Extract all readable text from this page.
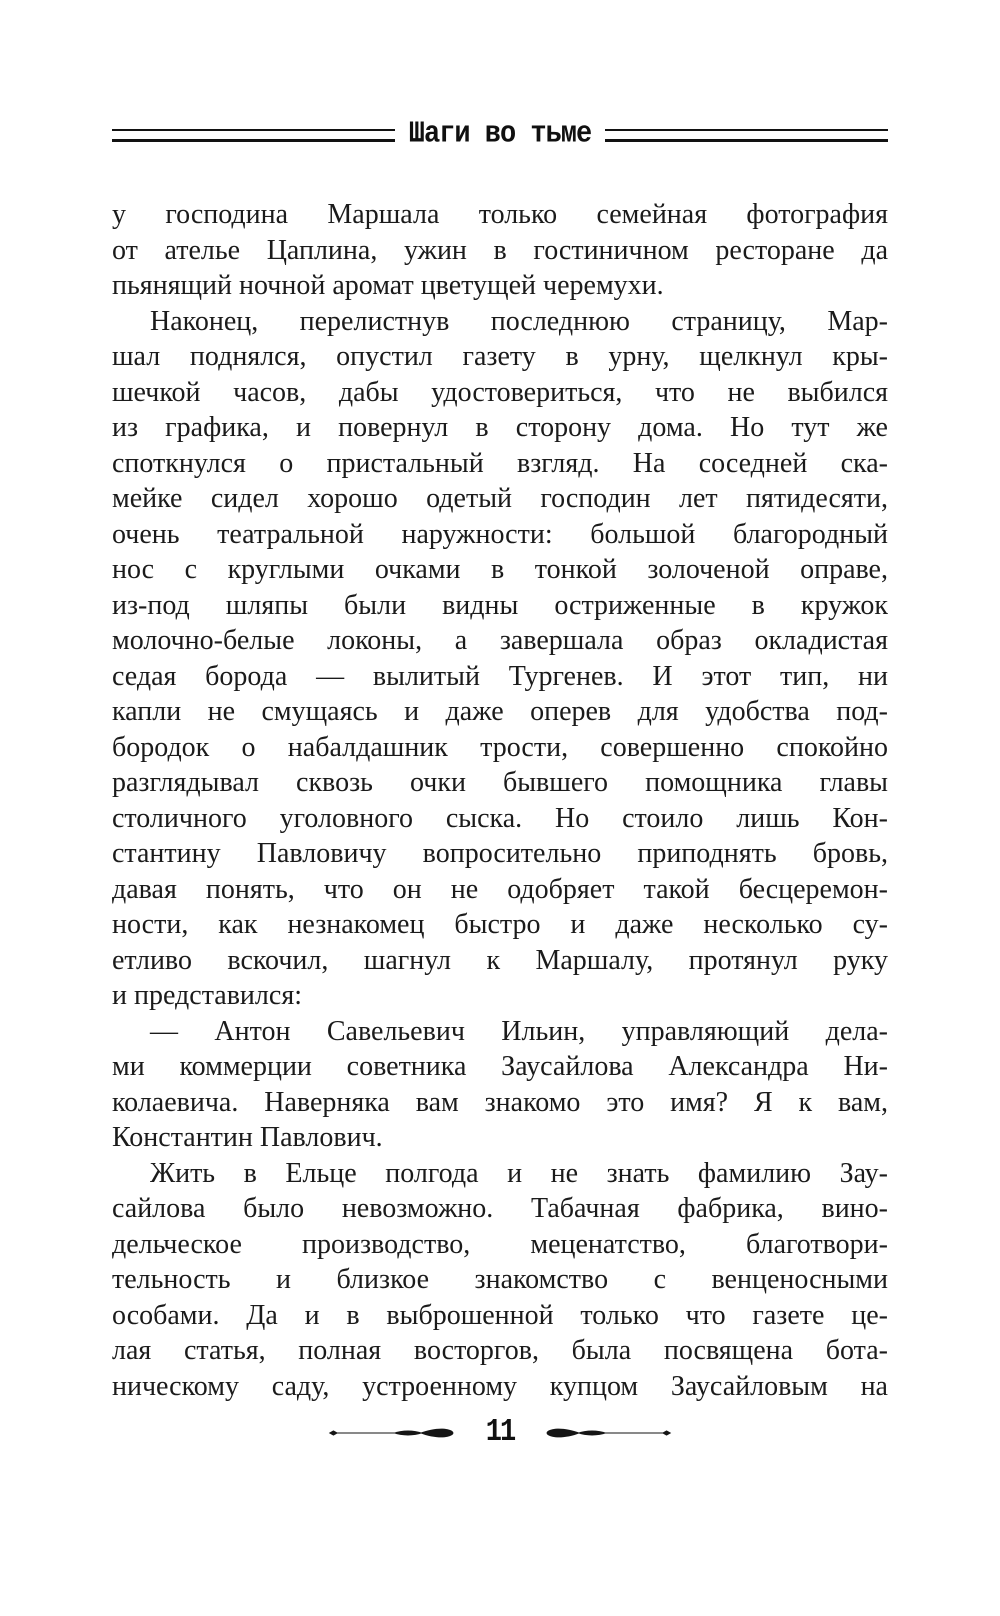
Шаги во тьме
у господина Маршала только семейная фотография
от ателье Цаплина, ужин в гостиничном ресторане да
пьянящий ночной аромат цветущей черемухи.
Наконец, перелистнув последнюю страницу, Мар-
шал поднялся, опустил газету в урну, щелкнул кры-
шечкой часов, дабы удостовериться, что не выбился
из графика, и повернул в сторону дома. Но тут же
споткнулся о пристальный взгляд. На соседней ска-
мейке сидел хорошо одетый господин лет пятидесяти,
очень театральной наружности: большой благородный
нос с круглыми очками в тонкой золоченой оправе,
из-под шляпы были видны остриженные в кружок
молочно-белые локоны, а завершала образ окладистая
седая борода — вылитый Тургенев. И этот тип, ни
капли не смущаясь и даже оперев для удобства под-
бородок о набалдашник трости, совершенно спокойно
разглядывал сквозь очки бывшего помощника главы
столичного уголовного сыска. Но стоило лишь Кон-
стантину Павловичу вопросительно приподнять бровь,
давая понять, что он не одобряет такой бесцеремон-
ности, как незнакомец быстро и даже несколько су-
етливо вскочил, шагнул к Маршалу, протянул руку
и представился:
— Антон Савельевич Ильин, управляющий дела-
ми коммерции советника Заусайлова Александра Ни-
колаевича. Наверняка вам знакомо это имя? Я к вам,
Константин Павлович.
Жить в Ельце полгода и не знать фамилию Зау-
сайлова было невозможно. Табачная фабрика, вино-
дельческое производство, меценатство, благотвори-
тельность и близкое знакомство с венценосными
особами. Да и в выброшенной только что газете це-
лая статья, полная восторгов, была посвящена бота-
ническому саду, устроенному купцом Заусайловым на
11
